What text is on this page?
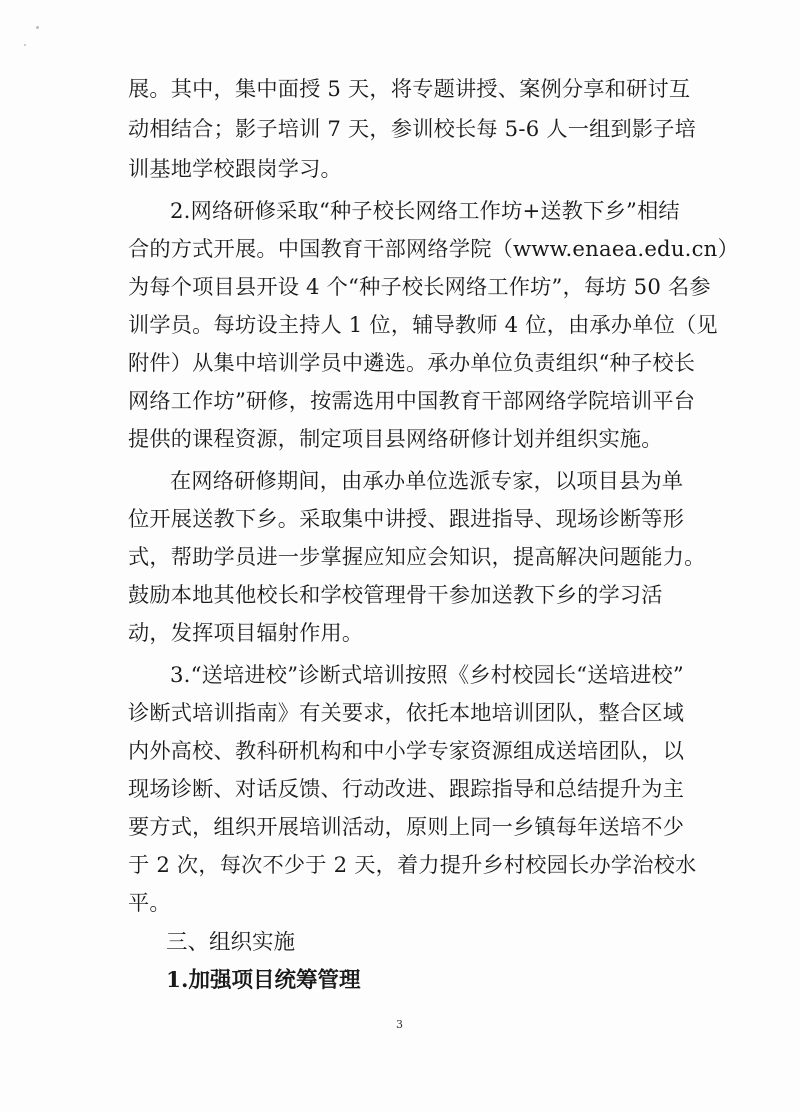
展。其中，集中面授 5 天，将专题讲授、案例分享和研讨互
动相结合；影子培训 7 天，参训校长每 5-6 人一组到影子培
训基地学校跟岗学习。
2.网络研修采取“种子校长网络工作坊+送教下乡”相结
合的方式开展。中国教育干部网络学院（www.enaea.edu.cn）
为每个项目县开设 4 个“种子校长网络工作坊”，每坊 50 名参
训学员。每坊设主持人 1 位，辅导教师 4 位，由承办单位（见
附件）从集中培训学员中遴选。承办单位负责组织“种子校长
网络工作坊”研修，按需选用中国教育干部网络学院培训平台
提供的课程资源，制定项目县网络研修计划并组织实施。
在网络研修期间，由承办单位选派专家，以项目县为单
位开展送教下乡。采取集中讲授、跟进指导、现场诊断等形
式，帮助学员进一步掌握应知应会知识，提高解决问题能力。
鼓励本地其他校长和学校管理骨干参加送教下乡的学习活
动，发挥项目辐射作用。
3.“送培进校”诊断式培训按照《乡村校园长“送培进校”
诊断式培训指南》有关要求，依托本地培训团队，整合区域
内外高校、教科研机构和中小学专家资源组成送培团队，以
现场诊断、对话反馈、行动改进、跟踪指导和总结提升为主
要方式，组织开展培训活动，原则上同一乡镇每年送培不少
于 2 次，每次不少于 2 天，着力提升乡村校园长办学治校水
平。
三、组织实施
1.加强项目统筹管理
3
